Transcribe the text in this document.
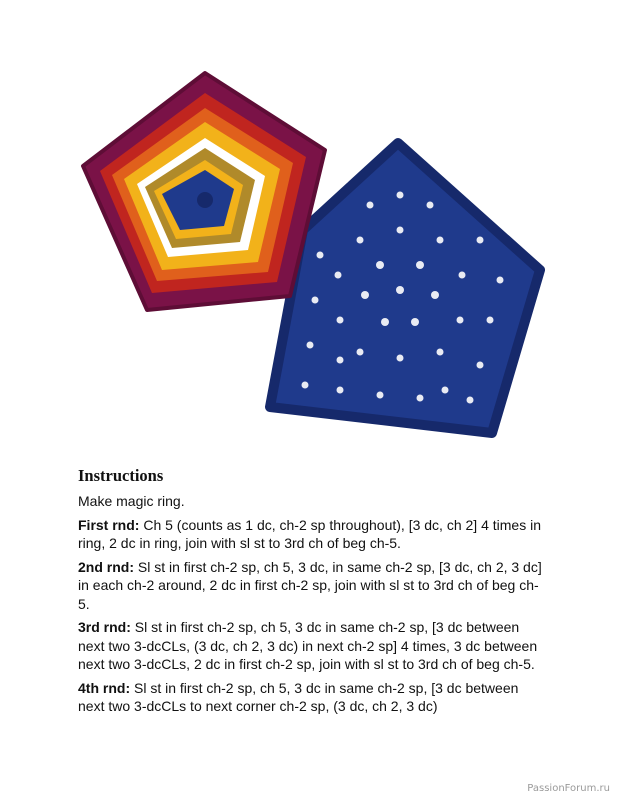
Instructions

Make magic ring.

First rnd: Ch 5 (counts as 1 dc, ch-2 sp throughout), [3 dc, ch 2] 4 times in ring, 2 dc in ring, join with sl st to 3rd ch of beg ch-5.

2nd rnd: Sl st in first ch-2 sp, ch 5, 3 dc, in same ch-2 sp, [3 dc, ch 2, 3 dc] in each ch-2 around, 2 dc in first ch-2 sp, join with sl st to 3rd ch of beg ch-5.

3rd rnd: Sl st in first ch-2 sp, ch 5, 3 dc in same ch-2 sp, [3 dc between next two 3-dcCLs, (3 dc, ch 2, 3 dc) in next ch-2 sp] 4 times, 3 dc between next two 3-dcCLs, 2 dc in first ch-2 sp, join with sl st to 3rd ch of beg ch-5.

4th rnd: Sl st in first ch-2 sp, ch 5, 3 dc in same ch-2 sp, [3 dc between next two 3-dcCLs to next corner ch-2 sp, (3 dc, ch 2, 3 dc)

PassionForum.ru
